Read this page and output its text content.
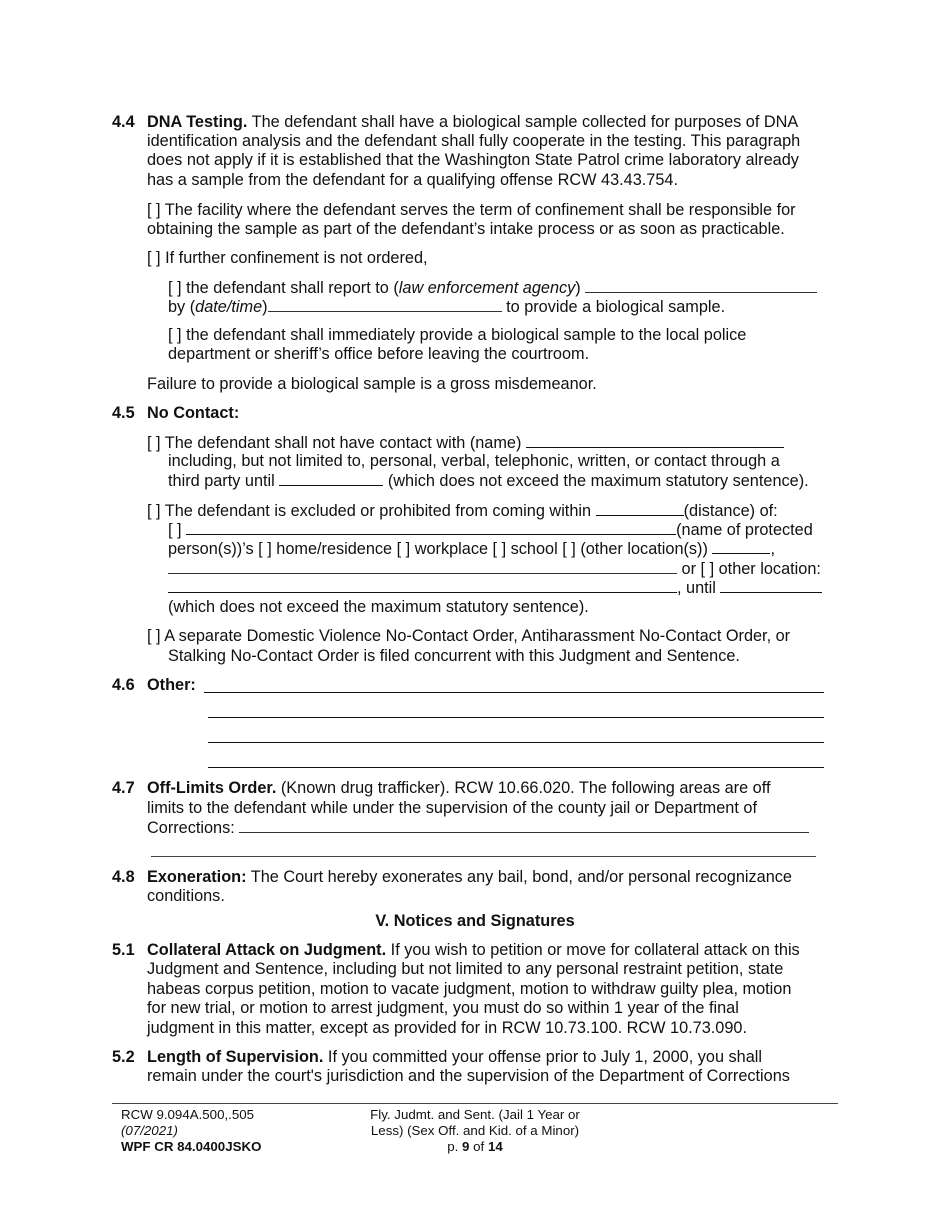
4.4 DNA Testing. The defendant shall have a biological sample collected for purposes of DNA
identification analysis and the defendant shall fully cooperate in the testing. This paragraph
does not apply if it is established that the Washington State Patrol crime laboratory already
has a sample from the defendant for a qualifying offense RCW 43.43.754.
[ ] The facility where the defendant serves the term of confinement shall be responsible for
obtaining the sample as part of the defendant’s intake process or as soon as practicable.
[ ] If further confinement is not ordered,
[ ] the defendant shall report to (law enforcement agency)
by (date/time)	to provide a biological sample.
[ ] the defendant shall immediately provide a biological sample to the local police
department or sheriff’s office before leaving the courtroom.
Failure to provide a biological sample is a gross misdemeanor.
4.5 No Contact:
[ ] The defendant shall not have contact with (name)
including, but not limited to, personal, verbal, telephonic, written, or contact through a
third party until	(which does not exceed the maximum statutory sentence).
[ ] The defendant is excluded or prohibited from coming within	(distance) of:
[ ]	(name of protected
person(s))’s [ ] home/residence [ ] workplace [ ] school [ ] (other location(s))	,
or [ ] other location:
, until
(which does not exceed the maximum statutory sentence).
[ ] A separate Domestic Violence No-Contact Order, Antiharassment No-Contact Order, or
Stalking No-Contact Order is filed concurrent with this Judgment and Sentence.
4.6 Other:
4.7 Off-Limits Order. (Known drug trafficker). RCW 10.66.020. The following areas are off
limits to the defendant while under the supervision of the county jail or Department of
Corrections:
4.8 Exoneration: The Court hereby exonerates any bail, bond, and/or personal recognizance
conditions.
V. Notices and Signatures
5.1 Collateral Attack on Judgment. If you wish to petition or move for collateral attack on this
Judgment and Sentence, including but not limited to any personal restraint petition, state
habeas corpus petition, motion to vacate judgment, motion to withdraw guilty plea, motion
for new trial, or motion to arrest judgment, you must do so within 1 year of the final
judgment in this matter, except as provided for in RCW 10.73.100. RCW 10.73.090.
5.2 Length of Supervision. If you committed your offense prior to July 1, 2000, you shall
remain under the court's jurisdiction and the supervision of the Department of Corrections
RCW 9.094A.500,.505
(07/2021)
WPF CR 84.0400JSKO
Fly. Judmt. and Sent. (Jail 1 Year or
Less) (Sex Off. and Kid. of a Minor)
p. 9 of 14
